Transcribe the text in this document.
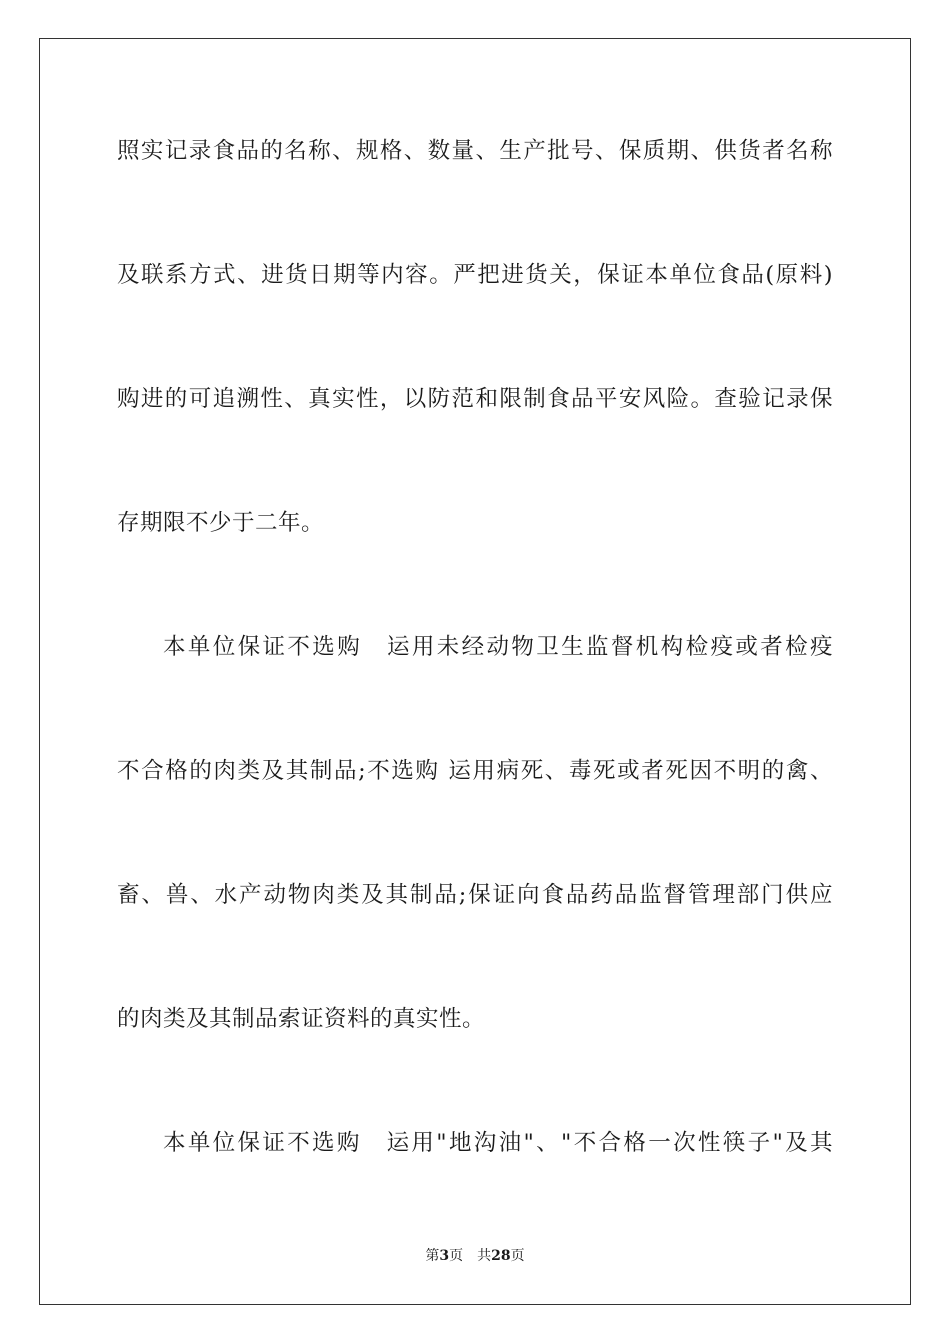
照实记录食品的名称、规格、数量、生产批号、保质期、供货者名称
及联系方式、进货日期等内容。严把进货关，保证本单位食品(原料)
购进的可追溯性、真实性，以防范和限制食品平安风险。查验记录保
存期限不少于二年。
本单位保证不选购　运用未经动物卫生监督机构检疫或者检疫
不合格的肉类及其制品;不选购 运用病死、毒死或者死因不明的禽、
畜、兽、水产动物肉类及其制品;保证向食品药品监督管理部门供应
的肉类及其制品索证资料的真实性。
本单位保证不选购　运用"地沟油"、"不合格一次性筷子"及其
第3页 共28页
